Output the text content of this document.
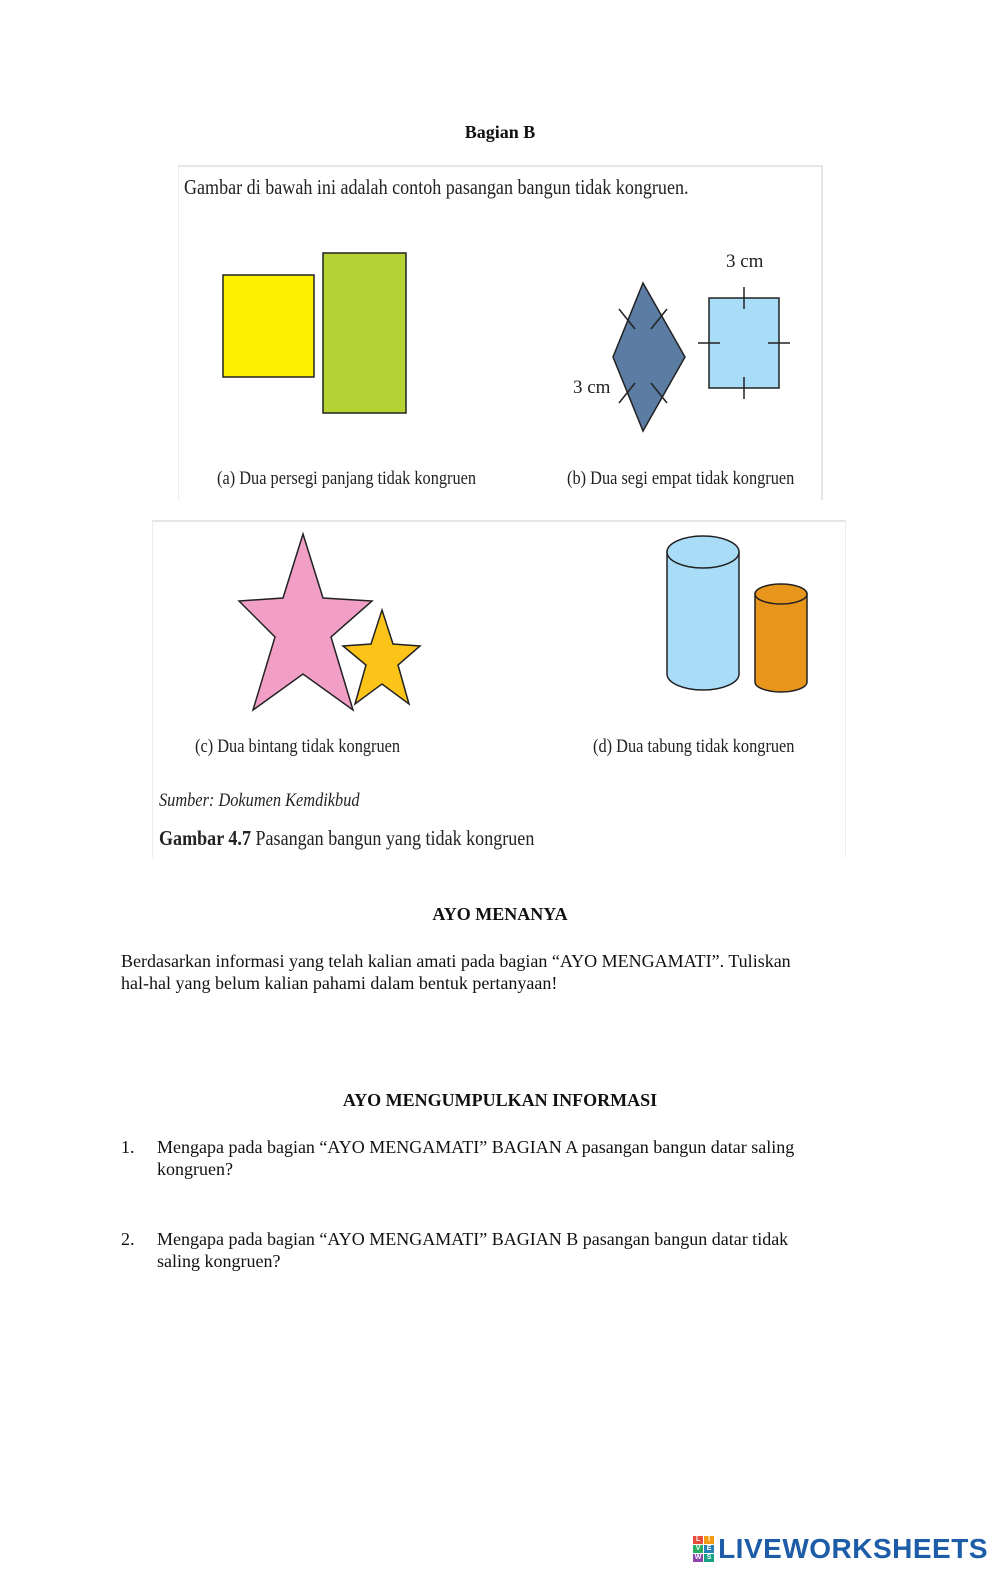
Bagian B
Gambar di bawah ini adalah contoh pasangan bangun tidak kongruen.
3 cm
3 cm
(a) Dua persegi panjang tidak kongruen	(b) Dua segi empat tidak kongruen
(c) Dua bintang tidak kongruen	(d) Dua tabung tidak kongruen
Sumber: Dokumen Kemdikbud
Gambar 4.7 Pasangan bangun yang tidak kongruen
AYO MENANYA
Berdasarkan informasi yang telah kalian amati pada bagian “AYO MENGAMATI”. Tuliskan
hal-hal yang belum kalian pahami dalam bentuk pertanyaan!
AYO MENGUMPULKAN INFORMASI
1. Mengapa pada bagian “AYO MENGAMATI” BAGIAN A pasangan bangun datar saling
kongruen?
2. Mengapa pada bagian “AYO MENGAMATI” BAGIAN B pasangan bangun datar tidak
saling kongruen?
L	I
V E
W S LIVEWORKSHEETS
